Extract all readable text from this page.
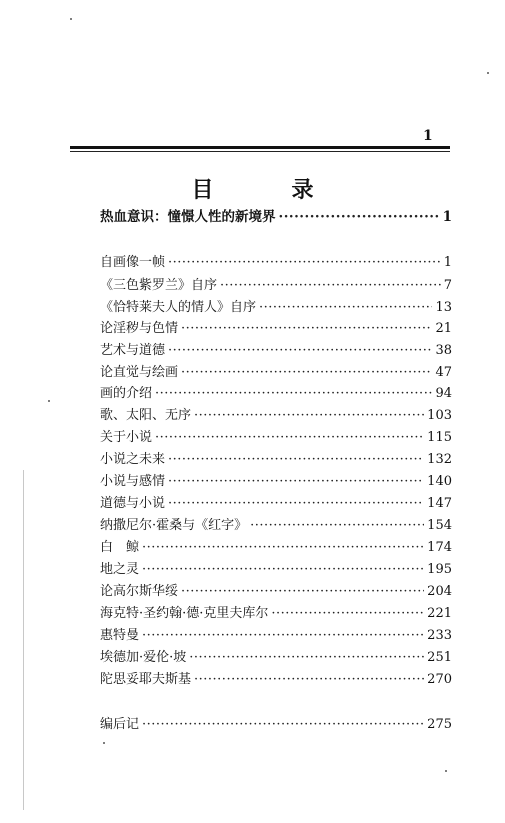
1
目　录
热血意识：憧憬人性的新境界 ·····	1
自画像一帧 ·····	1
《三色紫罗兰》自序 ·····	7
《恰特莱夫人的情人》自序 ·····	13
论淫秽与色情 ·····	21
艺术与道德 ·····	38
论直觉与绘画 ·····	47
画的介绍 ·····	94
歌、太阳、无序 ·····	103
关于小说 ·····	115
小说之未来 ·····	132
小说与感情 ·····	140
道德与小说 ·····	147
纳撒尼尔·霍桑与《红字》 ·····	154
白　鲸 ·····	174
地之灵 ·····	195
论高尔斯华绥 ·····	204
海克特·圣约翰·德·克里夫库尔 ·····	221
惠特曼 ·····	233
埃德加·爱伦·坡 ·····	251
陀思妥耶夫斯基 ·····	270
编后记 ·····	275
